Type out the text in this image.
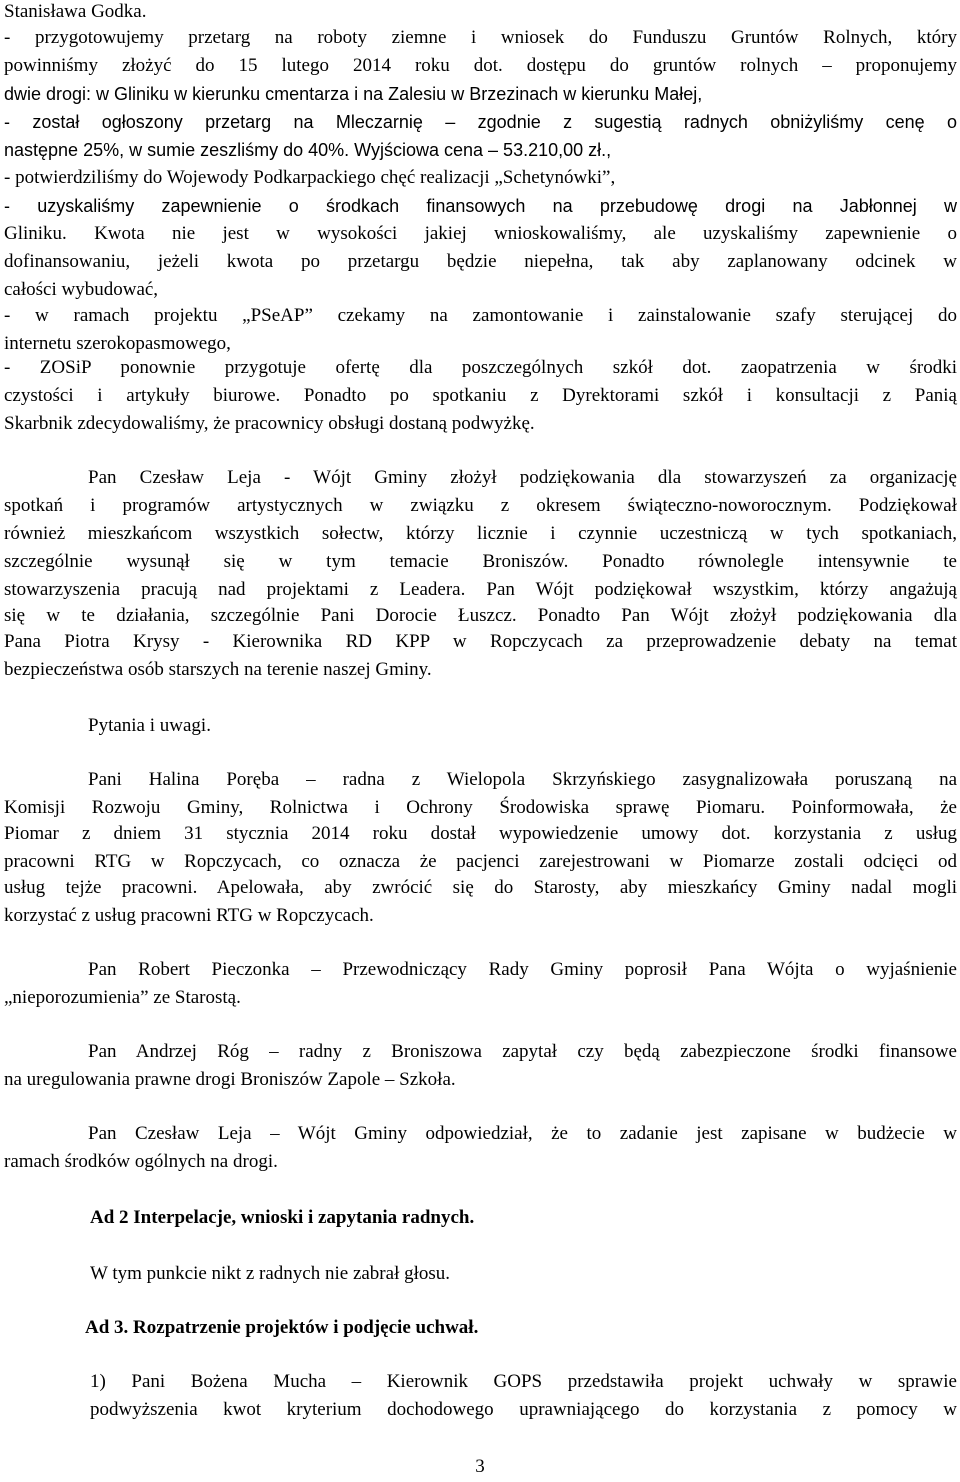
Stanisława Godka.
- przygotowujemy przetarg na roboty ziemne i wniosek do Funduszu Gruntów Rolnych, który
powinniśmy złożyć do 15 lutego 2014 roku dot. dostępu do gruntów rolnych – proponujemy
dwie drogi: w Gliniku w kierunku cmentarza i na Zalesiu w Brzezinach w kierunku Małej,
- został ogłoszony przetarg na Mleczarnię – zgodnie z sugestią radnych obniżyliśmy cenę o
następne 25%, w sumie zeszliśmy do 40%. Wyjściowa cena – 53.210,00 zł.,
- potwierdziliśmy do Wojewody Podkarpackiego chęć realizacji „Schetynówki”,
- uzyskaliśmy zapewnienie o środkach finansowych na przebudowę drogi na Jabłonnej w
Gliniku. Kwota nie jest w wysokości jakiej wnioskowaliśmy, ale uzyskaliśmy zapewnienie o
dofinansowaniu, jeżeli kwota po przetargu będzie niepełna, tak aby zaplanowany odcinek w
całości wybudować,
- w ramach projektu „PSeAP” czekamy na zamontowanie i zainstalowanie szafy sterującej do
internetu szerokopasmowego,
- ZOSiP ponownie przygotuje ofertę dla poszczególnych szkół dot. zaopatrzenia w środki
czystości i artykuły biurowe. Ponadto po spotkaniu z Dyrektorami szkół i konsultacji z Panią
Skarbnik zdecydowaliśmy, że pracownicy obsługi dostaną podwyżkę.
Pan Czesław Leja - Wójt Gminy złożył podziękowania dla stowarzyszeń za organizację
spotkań i programów artystycznych w związku z okresem świąteczno-noworocznym. Podziękował
również mieszkańcom wszystkich sołectw, którzy licznie i czynnie uczestniczą w tych spotkaniach,
szczególnie wysunął się w tym temacie Broniszów. Ponadto równolegle intensywnie te
stowarzyszenia pracują nad projektami z Leadera. Pan Wójt podziękował wszystkim, którzy angażują
się w te działania, szczególnie Pani Dorocie Łuszcz. Ponadto Pan Wójt złożył podziękowania dla
Pana Piotra Krysy - Kierownika RD KPP w Ropczycach za przeprowadzenie debaty na temat
bezpieczeństwa osób starszych na terenie naszej Gminy.
Pytania i uwagi.
Pani Halina Poręba – radna z Wielopola Skrzyńskiego zasygnalizowała poruszaną na
Komisji Rozwoju Gminy, Rolnictwa i Ochrony Środowiska sprawę Piomaru. Poinformowała, że
Piomar z dniem 31 stycznia 2014 roku dostał wypowiedzenie umowy dot. korzystania z usług
pracowni RTG w Ropczycach, co oznacza że pacjenci zarejestrowani w Piomarze zostali odcięci od
usług tejże pracowni. Apelowała, aby zwrócić się do Starosty, aby mieszkańcy Gminy nadal mogli
korzystać z usług pracowni RTG w Ropczycach.
Pan Robert Pieczonka – Przewodniczący Rady Gminy poprosił Pana Wójta o wyjaśnienie
„nieporozumienia” ze Starostą.
Pan Andrzej Róg – radny z Broniszowa zapytał czy będą zabezpieczone środki finansowe
na uregulowania prawne drogi Broniszów Zapole – Szkoła.
Pan Czesław Leja – Wójt Gminy odpowiedział, że to zadanie jest zapisane w budżecie w
ramach środków ogólnych na drogi.
Ad 2 Interpelacje, wnioski i zapytania radnych.
W tym punkcie nikt z radnych nie zabrał głosu.
Ad 3. Rozpatrzenie projektów i podjęcie uchwał.
1) Pani Bożena Mucha – Kierownik GOPS przedstawiła projekt uchwały w sprawie
podwyższenia kwot kryterium dochodowego uprawniającego do korzystania z pomocy w
3
